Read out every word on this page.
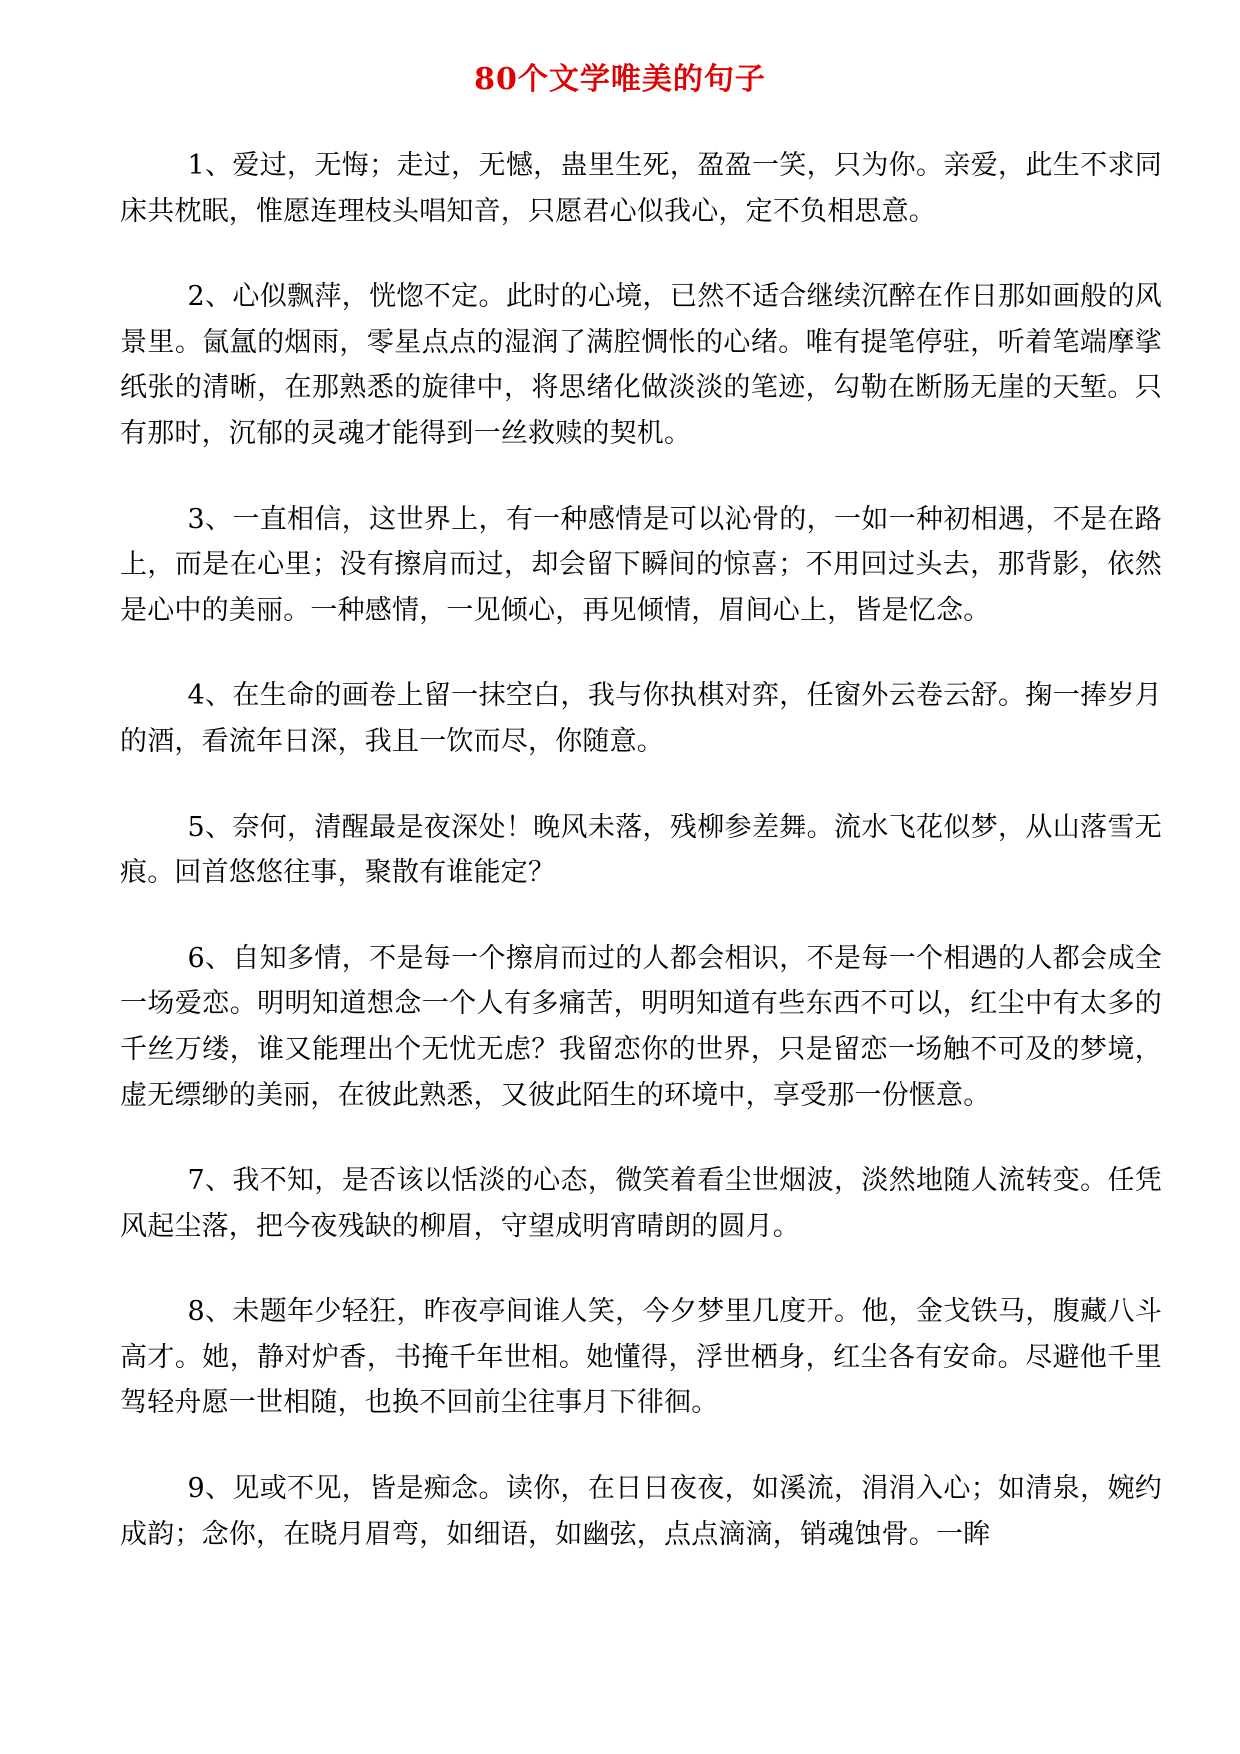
80个文学唯美的句子

1、爱过，无悔；走过，无憾，蛊里生死，盈盈一笑，只为你。亲爱，此生不求同床共枕眠，惟愿连理枝头唱知音，只愿君心似我心，定不负相思意。

2、心似飘萍，恍惚不定。此时的心境，已然不适合继续沉醉在作日那如画般的风景里。氤氲的烟雨，零星点点的湿润了满腔惆怅的心绪。唯有提笔停驻，听着笔端摩挲纸张的清晰，在那熟悉的旋律中，将思绪化做淡淡的笔迹，勾勒在断肠无崖的天堑。只有那时，沉郁的灵魂才能得到一丝救赎的契机。

3、一直相信，这世界上，有一种感情是可以沁骨的，一如一种初相遇，不是在路上，而是在心里；没有擦肩而过，却会留下瞬间的惊喜；不用回过头去，那背影，依然是心中的美丽。一种感情，一见倾心，再见倾情，眉间心上，皆是忆念。

4、在生命的画卷上留一抹空白，我与你执棋对弈，任窗外云卷云舒。掬一捧岁月的酒，看流年日深，我且一饮而尽，你随意。

5、奈何，清醒最是夜深处！晚风未落，残柳参差舞。流水飞花似梦，从山落雪无痕。回首悠悠往事，聚散有谁能定？

6、自知多情，不是每一个擦肩而过的人都会相识，不是每一个相遇的人都会成全一场爱恋。明明知道想念一个人有多痛苦，明明知道有些东西不可以，红尘中有太多的千丝万缕，谁又能理出个无忧无虑？我留恋你的世界，只是留恋一场触不可及的梦境，虚无缥缈的美丽，在彼此熟悉，又彼此陌生的环境中，享受那一份惬意。

7、我不知，是否该以恬淡的心态，微笑着看尘世烟波，淡然地随人流转变。任凭风起尘落，把今夜残缺的柳眉，守望成明宵晴朗的圆月。

8、未题年少轻狂，昨夜亭间谁人笑，今夕梦里几度开。他，金戈铁马，腹藏八斗高才。她，静对炉香，书掩千年世相。她懂得，浮世栖身，红尘各有安命。尽避他千里驾轻舟愿一世相随，也换不回前尘往事月下徘徊。

9、见或不见，皆是痴念。读你，在日日夜夜，如溪流，涓涓入心；如清泉，婉约成韵；念你，在晓月眉弯，如细语，如幽弦，点点滴滴，销魂蚀骨。一眸
